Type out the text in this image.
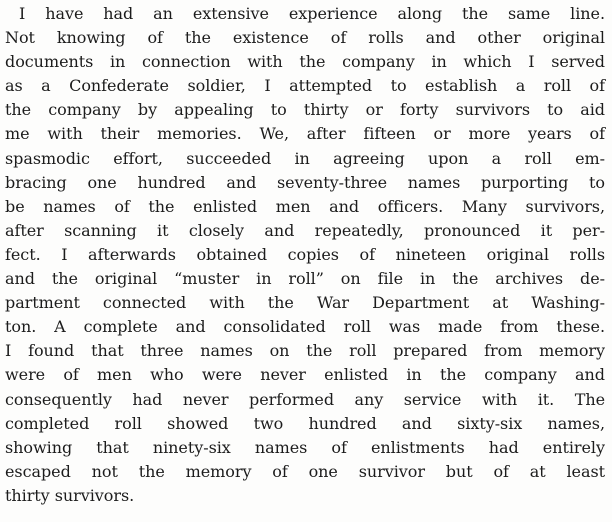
I have had an extensive experience along the same line.
Not knowing of the existence of rolls and other original
documents in connection with the company in which I served
as a Confederate soldier, I attempted to establish a roll of
the company by appealing to thirty or forty survivors to aid
me with their memories. We, after fifteen or more years of
spasmodic effort, succeeded in agreeing upon a roll em-
bracing one hundred and seventy-three names purporting to
be names of the enlisted men and officers. Many survivors,
after scanning it closely and repeatedly, pronounced it per-
fect. I afterwards obtained copies of nineteen original rolls
and the original “muster in roll” on file in the archives de-
partment connected with the War Department at Washing-
ton. A complete and consolidated roll was made from these.
I found that three names on the roll prepared from memory
were of men who were never enlisted in the company and
consequently had never performed any service with it. The
completed roll showed two hundred and sixty-six names,
showing that ninety-six names of enlistments had entirely
escaped not the memory of one survivor but of at least
thirty survivors.
